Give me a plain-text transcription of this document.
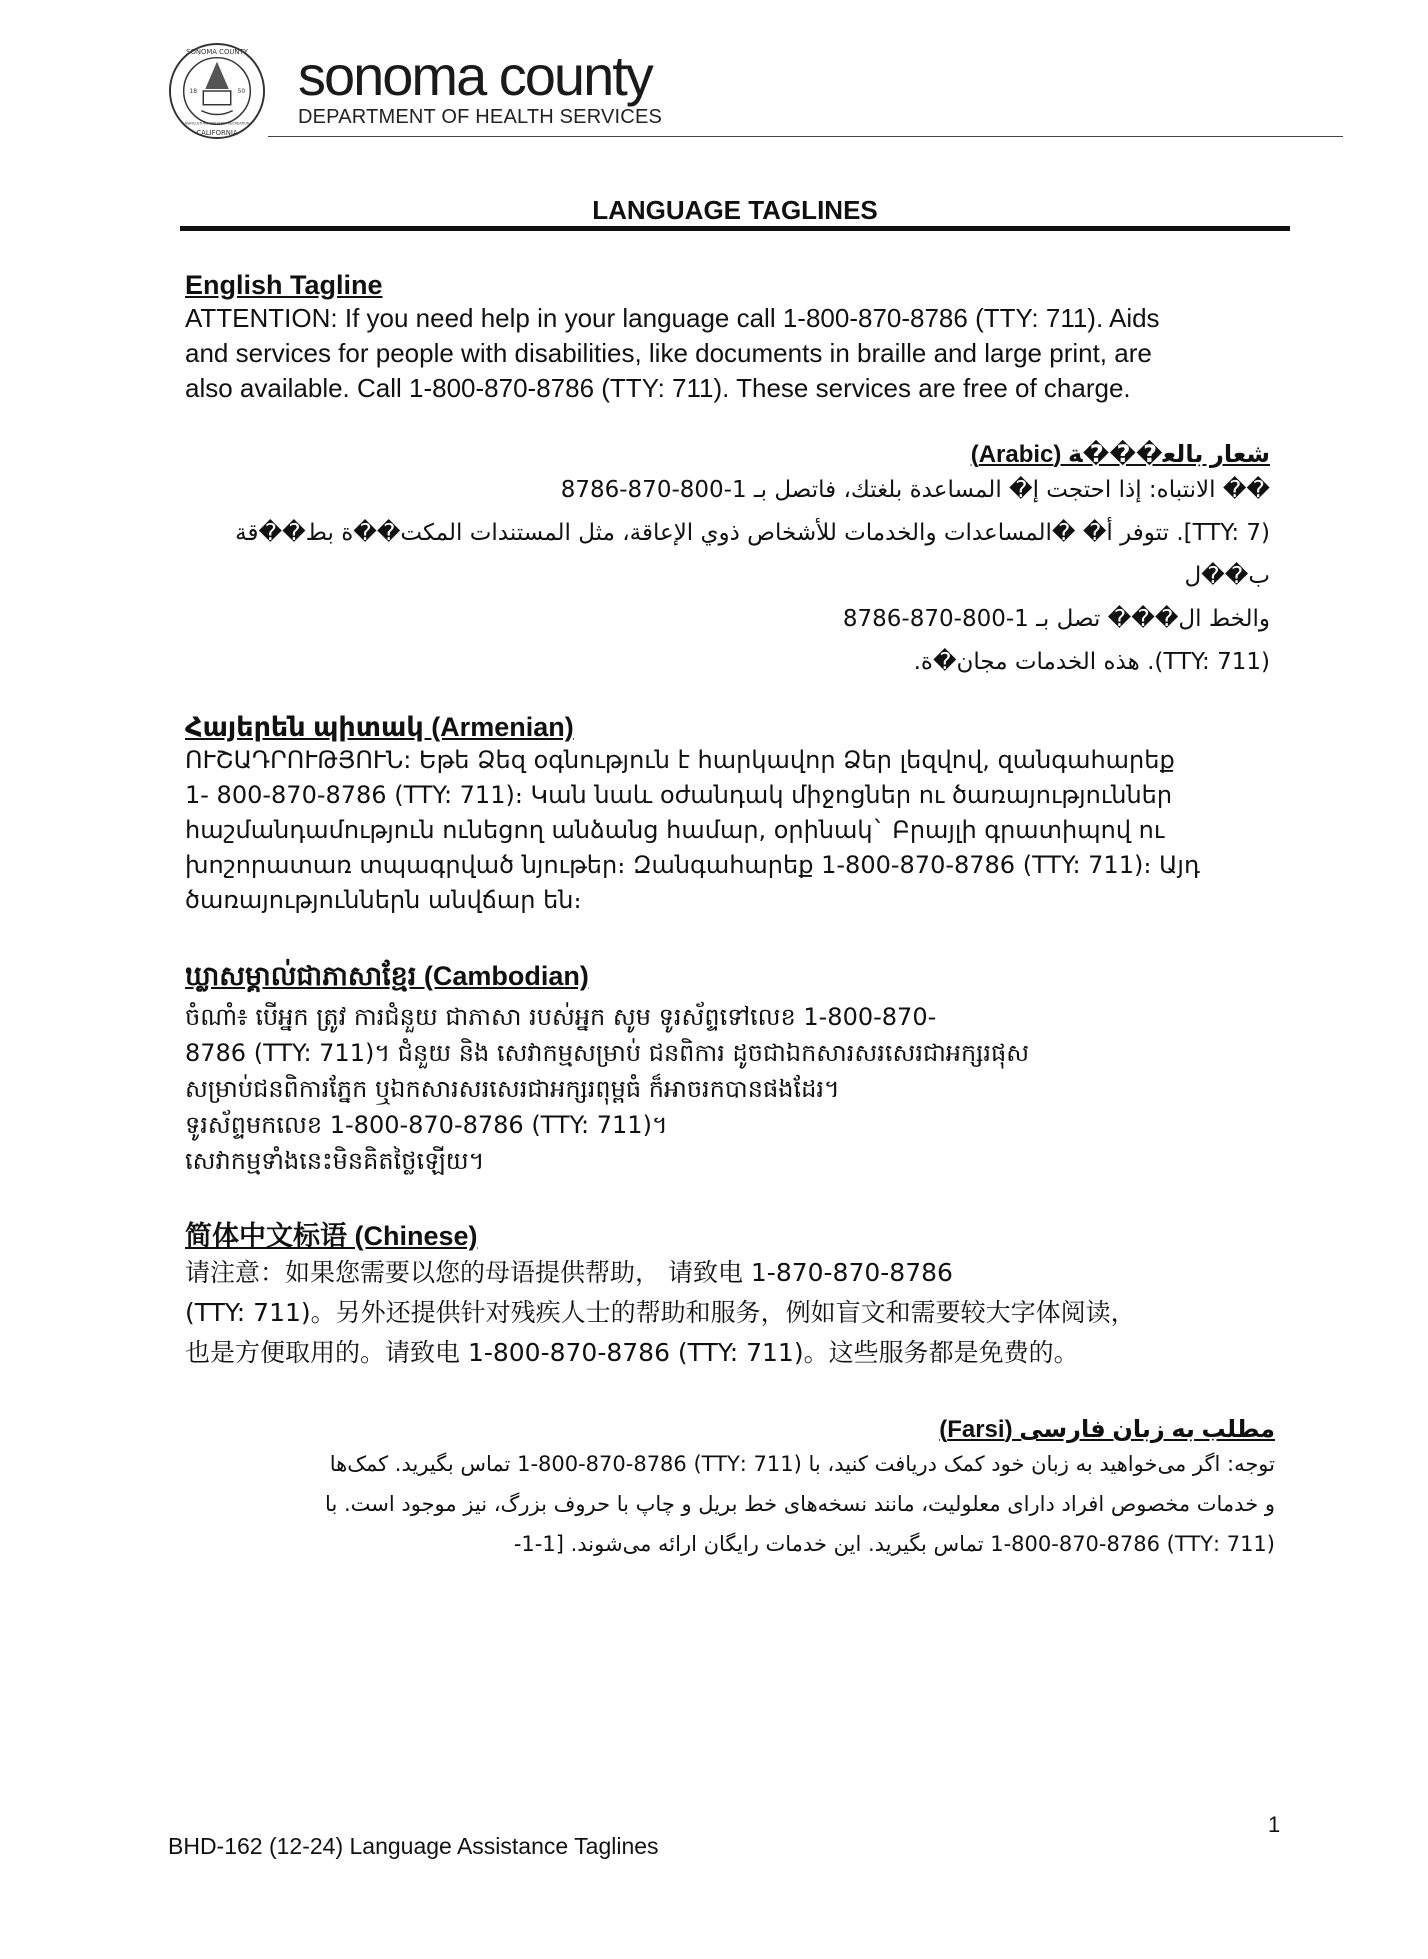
SONOMA COUNTY
CALIFORNIA
18	50
AGRICULTURE INDUSTRY RECREATION
sonoma county
DEPARTMENT OF HEALTH SERVICES
LANGUAGE TAGLINES
English Tagline
ATTENTION: If you need help in your language call 1-800-870-8786 (TTY: 711). Aids
and services for people with disabilities, like documents in braille and large print, are
also available. Call 1-800-870-8786 (TTY: 711). These services are free of charge.
ﺷﻌﺎر ﺑﺎﻟﻌ���ﺔ (Arabic)
�� الانتباه: إذا احتجت إ� المساعدة بلغتك، فاتصل بـ 1-800-870-8786
(TTY: 7]. تتوفر أ� �المساعدات والخدمات للأشخاص ذوي الإعاقة، مثل المستندات المكت��ة بط��قة
ب��ل
والخط ال��� تصل بـ 1-800-870-8786
(TTY: 711). هذه الخدمات مجان�ة.
Հայերեն պիտակ (Armenian)
ՈՒՇԱԴՐՈՒԹՅՈՒՆ: Եթե Ձեզ օգնություն է հարկավոր Ձեր լեզվով, զանգահարեք
1- 800-870-8786 (TTY: 711)։ Կան նաև օժանդակ միջոցներ ու ծառայություններ
հաշմանդամություն ունեցող անձանց համար, օրինակ` Բրայլի գրատիպով ու
խոշորատառ տպագրված նյութեր։ Զանգահարեք 1-800-870-8786 (TTY: 711)։ Այդ
ծառայություններն անվճար են։
ឃ្លាសម្គាល់ជាភាសាខ្មែរ (Cambodian)
ចំណាំ៖ បើអ្នក ត្រូវ ការជំនួយ ជាភាសា របស់អ្នក សូម ទូរស័ព្ទទៅលេខ 1-800-870-
8786 (TTY: 711)។ ជំនួយ និង សេវាកម្មសម្រាប់ ជនពិការ ដូចជាឯកសារសរសេរជាអក្សរផុស
សម្រាប់ជនពិការភ្នែក ឬឯកសារសរសេរជាអក្សរពុម្ពធំ ក៏អាចរកបានផងដែរ។
ទូរស័ព្ទមកលេខ 1-800-870-8786 (TTY: 711)។
សេវាកម្មទាំងនេះមិនគិតថ្លៃឡើយ។
简体中文标语 (Chinese)
请注意：如果您需要以您的母语提供帮助， 请致电 1-870-870-8786
(TTY: 711)。另外还提供针对残疾人士的帮助和服务，例如盲文和需要较大字体阅读，
也是方便取用的。请致电 1-800-870-8786 (TTY: 711)。这些服务都是免费的。
مطلب به زبان فارسی (Farsi)
توجه: اگر می‌خواهید به زبان خود کمک دریافت کنید، با (711 :TTY) 1-800-870-8786 تماس بگیرید. کمک‌ها
و خدمات مخصوص افراد دارای معلولیت، مانند نسخه‌های خط بریل و چاپ با حروف بزرگ، نیز موجود است. با
(711 :TTY) 1-800-870-8786 تماس بگیرید. این خدمات رایگان ارائه می‌شوند. [1-1-
1
BHD-162 (12-24) Language Assistance Taglines
